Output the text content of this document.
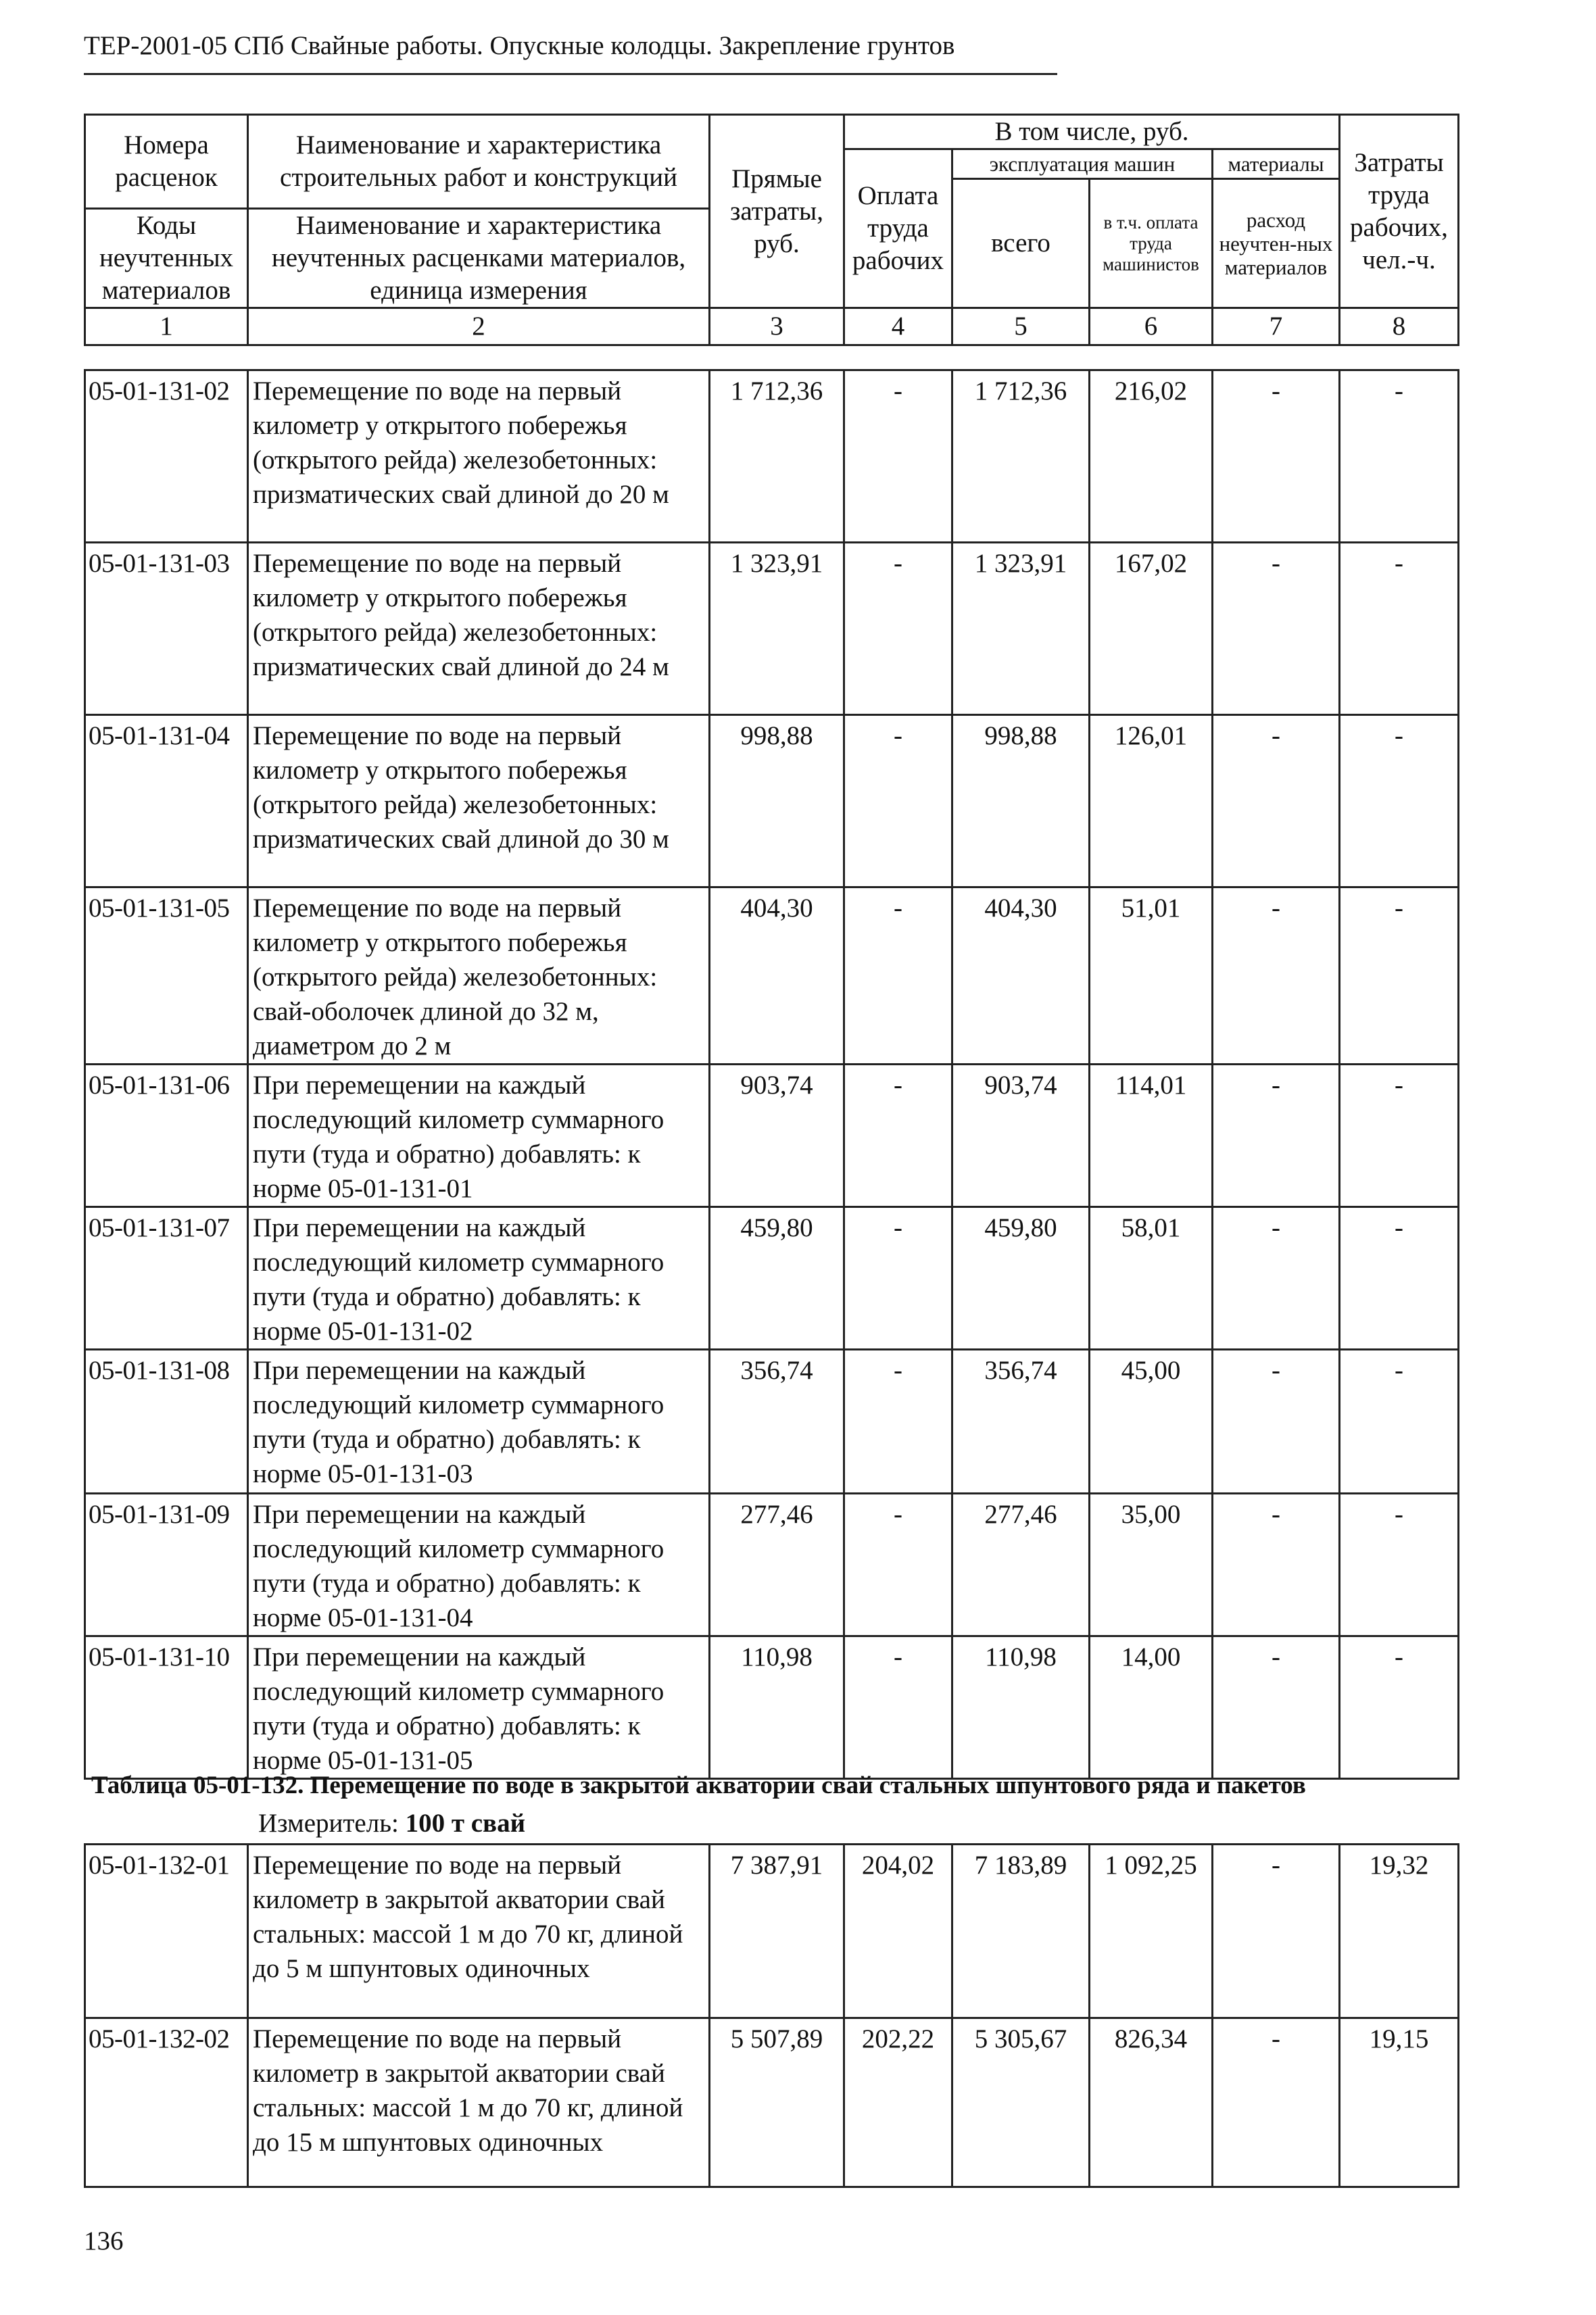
ТЕР-2001-05 СПб Свайные работы. Опускные колодцы. Закрепление грунтов
Номера расценок	Наименование и характеристика строительных работ и конструкций	Прямые затраты, руб.	В том числе, руб.				Затраты труда рабочих, чел.-ч.
			Оплата труда рабочих	эксплуатация машин		материалы	
				всего	в т.ч. оплата труда машинистов	расход неучтен-ных материалов	
Коды неучтенных материалов	Наименование и характеристика неучтенных расценками материалов, единица измерения						

1	2	3	4	5	6	7	8
05-01-131-02	Перемещение по воде на первый километр у открытого побережья (открытого рейда) железобетонных: призматических свай длиной до 20 м	1 712,36	-	1 712,36	216,02	-	-
05-01-131-03	Перемещение по воде на первый километр у открытого побережья (открытого рейда) железобетонных: призматических свай длиной до 24 м	1 323,91	-	1 323,91	167,02	-	-
05-01-131-04	Перемещение по воде на первый километр у открытого побережья (открытого рейда) железобетонных: призматических свай длиной до 30 м	998,88	-	998,88	126,01	-	-
05-01-131-05	Перемещение по воде на первый километр у открытого побережья (открытого рейда) железобетонных: свай-оболочек длиной до 32 м, диаметром до 2 м	404,30	-	404,30	51,01	-	-
05-01-131-06	При перемещении на каждый последующий километр суммарного пути (туда и обратно) добавлять: к норме 05-01-131-01	903,74	-	903,74	114,01	-	-
05-01-131-07	При перемещении на каждый последующий километр суммарного пути (туда и обратно) добавлять: к норме 05-01-131-02	459,80	-	459,80	58,01	-	-
05-01-131-08	При перемещении на каждый последующий километр суммарного пути (туда и обратно) добавлять: к норме 05-01-131-03	356,74	-	356,74	45,00	-	-
05-01-131-09	При перемещении на каждый последующий километр суммарного пути (туда и обратно) добавлять: к норме 05-01-131-04	277,46	-	277,46	35,00	-	-
05-01-131-10	При перемещении на каждый последующий километр суммарного пути (туда и обратно) добавлять: к норме 05-01-131-05	110,98	-	110,98	14,00	-	-
Таблица 05-01-132. Перемещение по воде в закрытой акватории свай стальных шпунтового ряда и пакетов
Измеритель: 100 т свай
05-01-132-01	Перемещение по воде на первый километр в закрытой акватории свай стальных: массой 1 м до 70 кг, длиной до 5 м шпунтовых одиночных	7 387,91	204,02	7 183,89	1 092,25	-	19,32
05-01-132-02	Перемещение по воде на первый километр в закрытой акватории свай стальных: массой 1 м до 70 кг, длиной до 15 м шпунтовых одиночных	5 507,89	202,22	5 305,67	826,34	-	19,15
136
